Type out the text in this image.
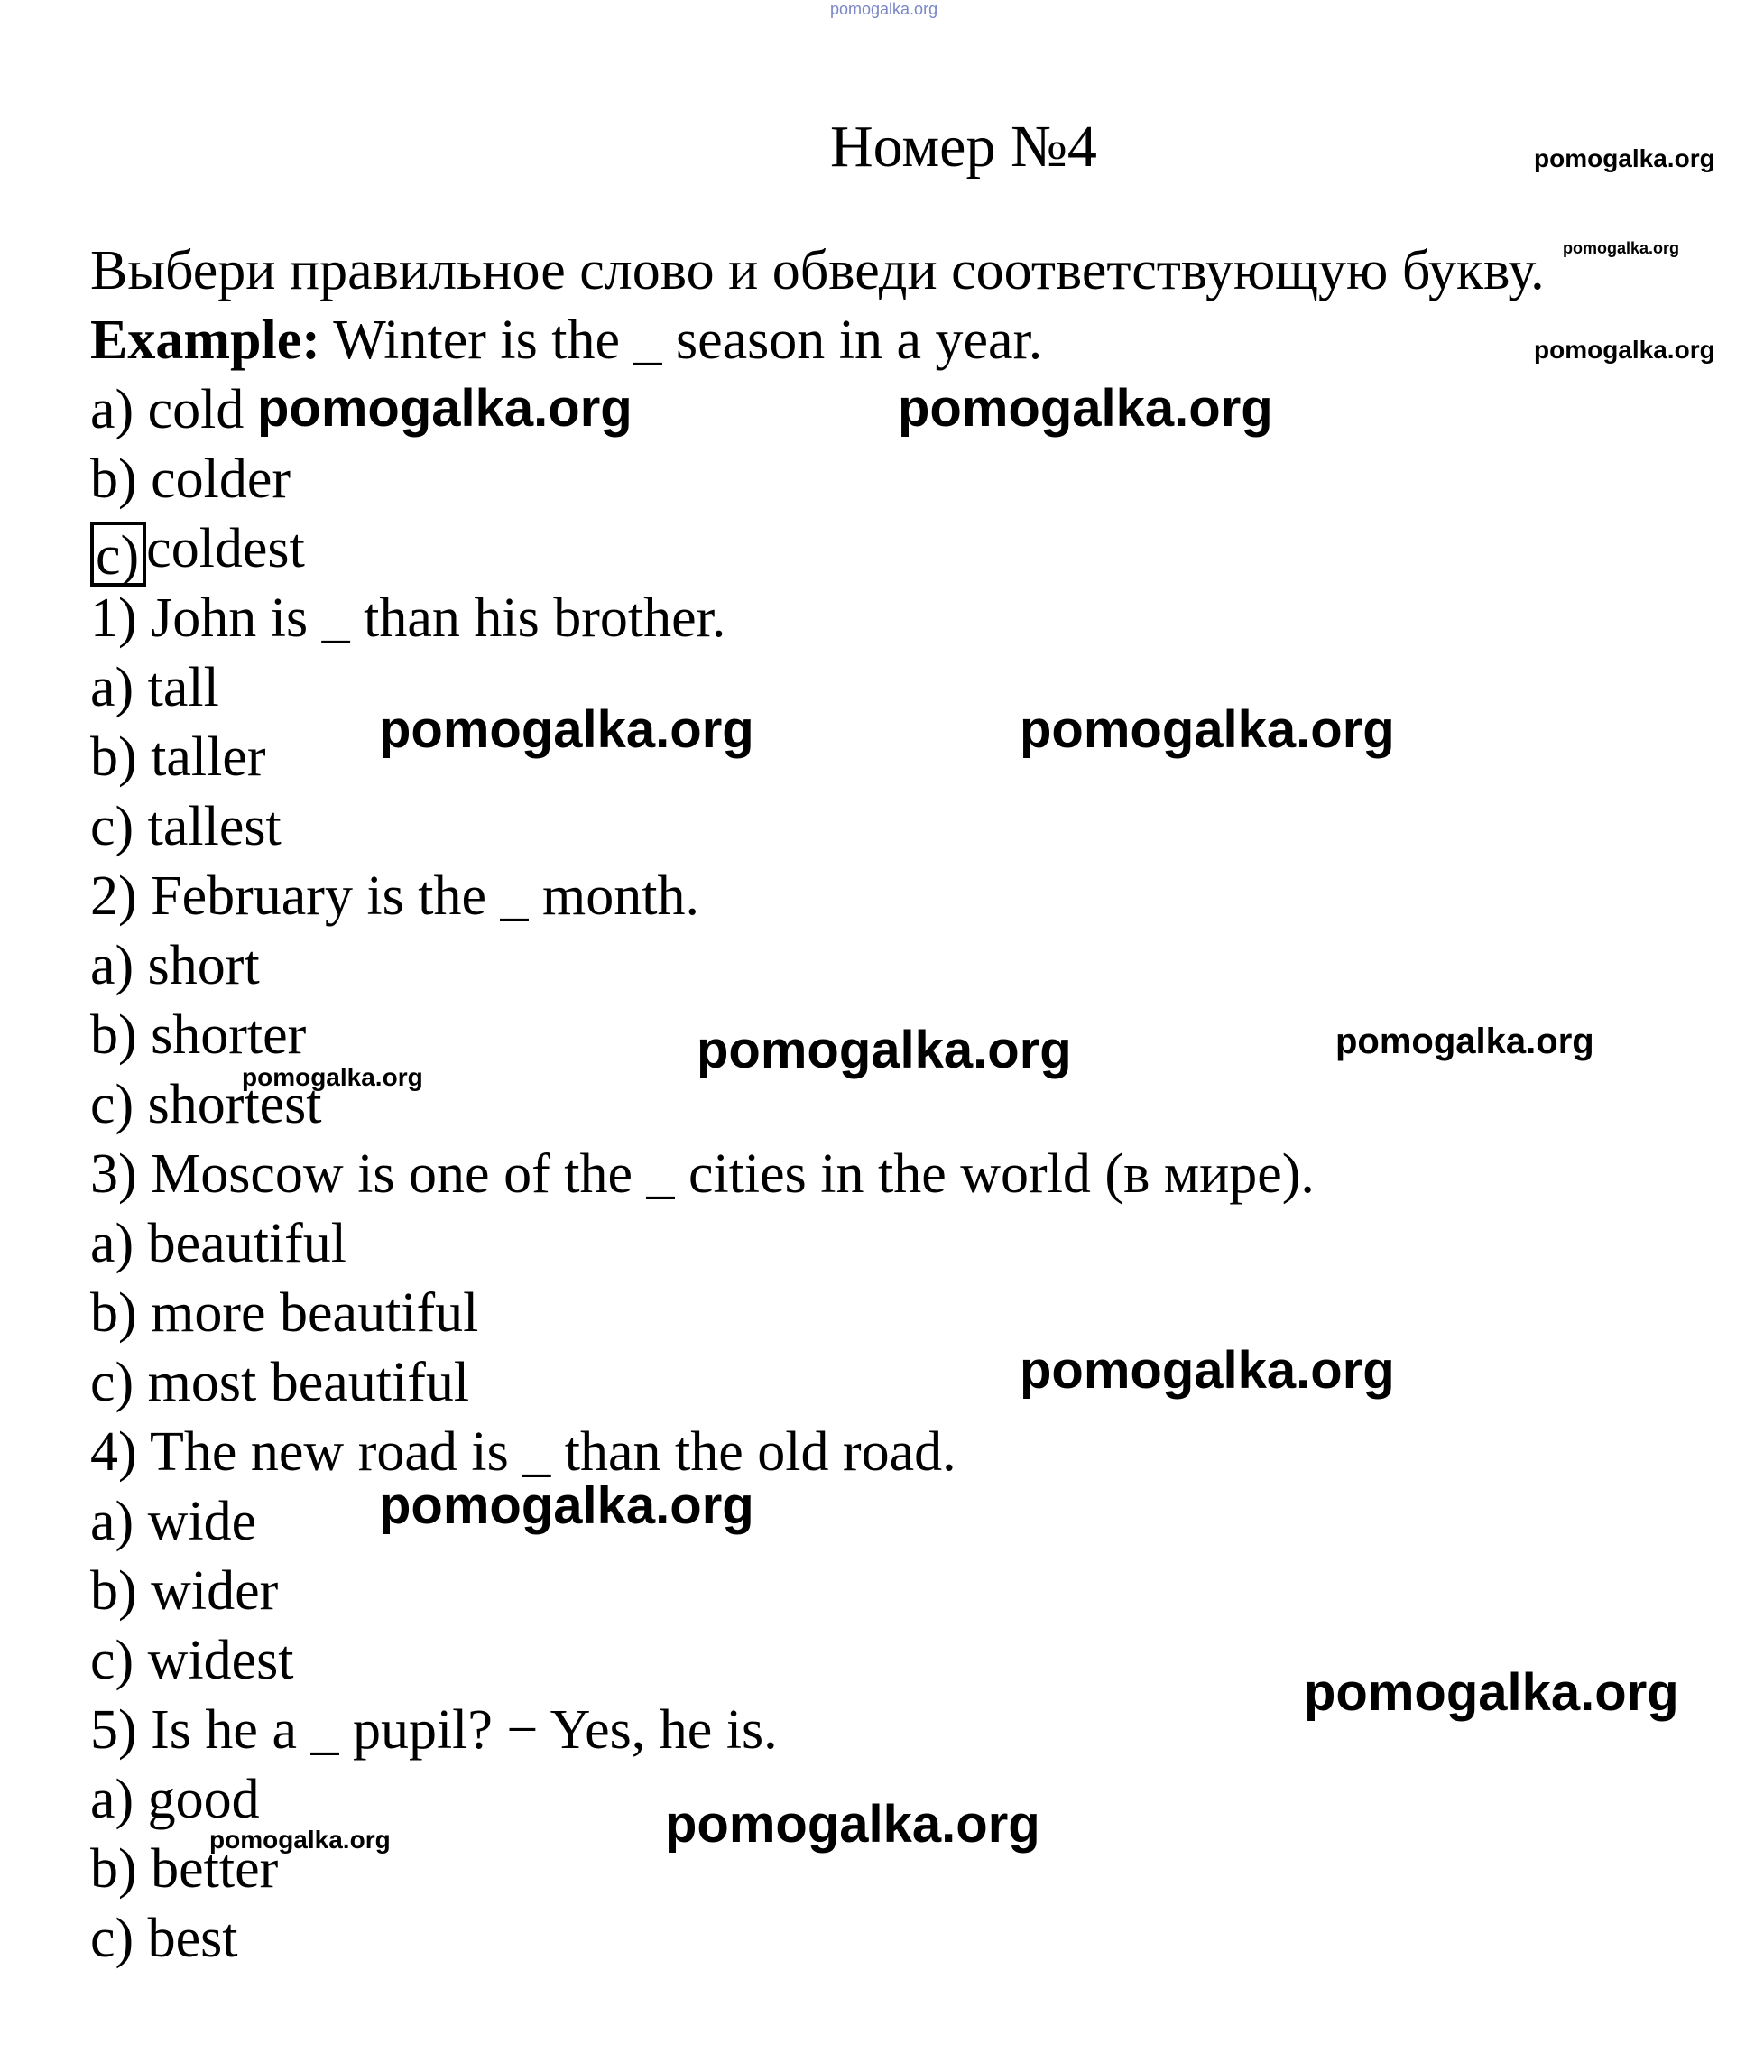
pomogalka.org
Номер №4
Выбери правильное слово и обведи соответствующую букву.
Example: Winter is the _ season in a year.
a) cold
b) colder
c) coldest
1) John is _ than his brother.
a) tall
b) taller
c) tallest
2) February is the _ month.
a) short
b) shorter
c) shortest
3) Moscow is one of the _ cities in the world (в мире).
a) beautiful
b) more beautiful
c) most beautiful
4) The new road is _ than the old road.
a) wide
b) wider
c) widest
5) Is he a _ pupil? − Yes, he is.
a) good
b) better
c) best
pomogalka.org
pomogalka.org
pomogalka.org
pomogalka.org	pomogalka.org
pomogalka.org	pomogalka.org
pomogalka.org
pomogalka.org
pomogalka.org
pomogalka.org
pomogalka.org
pomogalka.org
pomogalka.org
pomogalka.org
